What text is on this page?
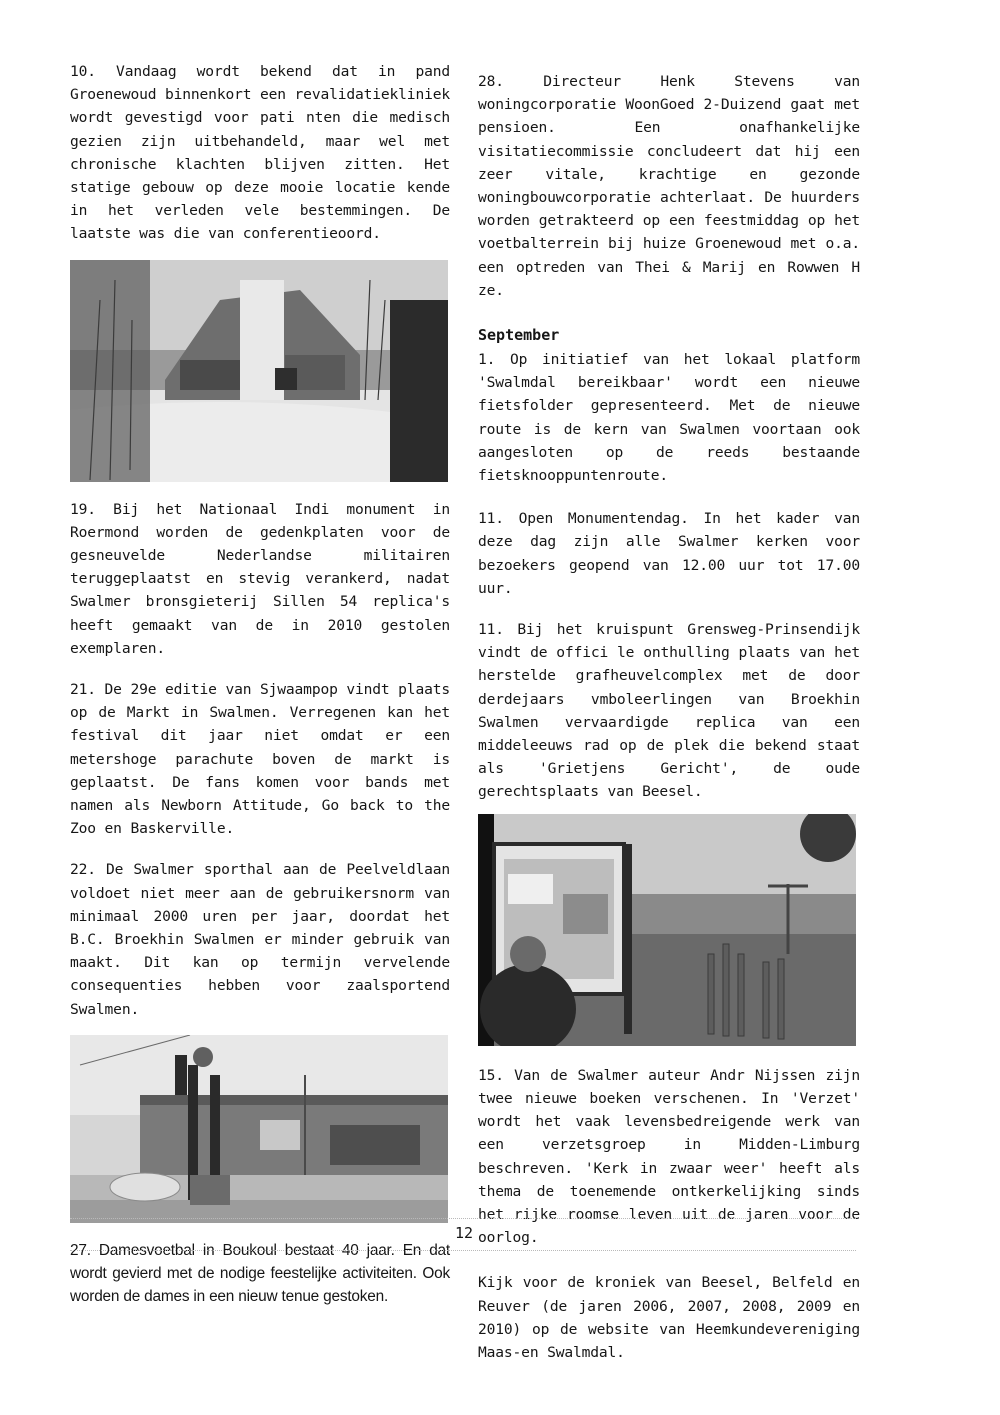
10. Vandaag wordt bekend dat in pand Groenewoud binnenkort een revalidatiekliniek wordt gevestigd voor pati nten die medisch gezien zijn uitbehandeld, maar wel met chronische klachten blijven zitten. Het statige gebouw op deze mooie locatie kende in het verleden vele bestemmingen. De laatste was die van conferentieoord.

19. Bij het Nationaal Indi monument in Roermond worden de gedenkplaten voor de gesneuvelde Nederlandse militairen teruggeplaatst en stevig verankerd, nadat Swalmer bronsgieterij Sillen 54 replica's heeft gemaakt van de in 2010 gestolen exemplaren.

21. De 29e editie van Sjwaampop vindt plaats op de Markt in Swalmen. Verregenen kan het festival dit jaar niet omdat er een metershoge parachute boven de markt is geplaatst. De fans komen voor bands met namen als Newborn Attitude, Go back to the Zoo en Baskerville.

22. De Swalmer sporthal aan de Peelveldlaan voldoet niet meer aan de gebruikersnorm van minimaal 2000 uren per jaar, doordat het B.C. Broekhin Swalmen er minder gebruik van maakt. Dit kan op termijn vervelende consequenties hebben voor zaalsportend Swalmen.

27. Damesvoetbal in Boukoul bestaat 40 jaar. En dat wordt gevierd met de nodige feestelijke activiteiten. Ook worden de dames in een nieuw tenue gestoken.

28. Directeur Henk Stevens van woningcorporatie WoonGoed 2-Duizend gaat met pensioen. Een onafhankelijke visitatiecommissie concludeert dat hij een zeer vitale, krachtige en gezonde woningbouwcorporatie achterlaat. De huurders worden getrakteerd op een feestmiddag op het voetbalterrein bij huize Groenewoud met o.a. een optreden van Thei & Marij en Rowwen H ze.

September

1. Op initiatief van het lokaal platform 'Swalmdal bereikbaar' wordt een nieuwe fietsfolder gepresenteerd. Met de nieuwe route is de kern van Swalmen voortaan ook aangesloten op de reeds bestaande fietsknooppuntenroute.

11. Open Monumentendag. In het kader van deze dag zijn alle Swalmer kerken voor bezoekers geopend van 12.00 uur tot 17.00 uur.

11. Bij het kruispunt Grensweg-Prinsendijk vindt de offici le onthulling plaats van het herstelde grafheuvelcomplex met de door derdejaars vmboleerlingen van Broekhin Swalmen vervaardigde replica van een middeleeuws rad op de plek die bekend staat als 'Grietjens Gericht', de oude gerechtsplaats van Beesel.

15. Van de Swalmer auteur Andr Nijssen zijn twee nieuwe boeken verschenen. In 'Verzet' wordt het vaak levensbedreigende werk van een verzetsgroep in Midden-Limburg beschreven. 'Kerk in zwaar weer' heeft als thema de toenemende ontkerkelijking sinds het rijke roomse leven uit de jaren voor de oorlog.

Kijk voor de kroniek van Beesel, Belfeld en Reuver (de jaren 2006, 2007, 2008, 2009 en 2010) op de website van Heemkundevereniging Maas-en Swalmdal.

12
